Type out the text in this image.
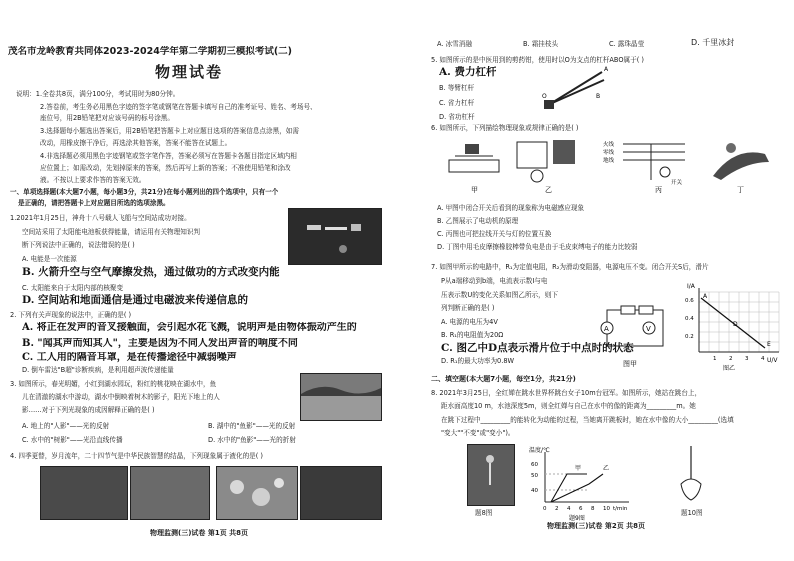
茂名市龙岭教育共同体2023-2024学年第二学期初三模拟考试(二)
物理试卷
说明：1.全卷共8页，满分100分，考试用时为80分钟。
2.答卷前，考生务必用黑色字迹的签字笔或钢笔在答题卡填写自己的准考证号、姓名、考场号、
座位号，用2B铅笔把对应该号码的标号涂黑。
3.选择题每小题选出答案后，用2B铅笔把答题卡上对应题目选项的答案信息点涂黑，如需
改动，用橡皮擦干净后，再选涂其他答案，答案不能答在试题上。
4.非选择题必须用黑色字迹钢笔或签字笔作答，答案必须写在答题卡各题目指定区域内相
应位置上；如需改动，先划掉原来的答案，然后再写上新的答案；不准使用铅笔和涂改
液。不按以上要求作答的答案无效。
一、单项选择题(本大题7小题，每小题3分，共21分)在每小题列出的四个选项中，只有一个
是正确的，请把答题卡上对应题目所选的选项涂黑。
1.2021年1月25日，神舟十八号载人飞船与空间站成功对接。
空间站采用了太阳能电池板获得能量，请运用有关物理知识判
断下列说法中正确的，说法错误的是( )
A. 电能是一次能源
B. 火箭升空与空气摩擦发热，通过做功的方式改变内能
C. 太阳能来自于太阳内部的核聚变
D. 空间站和地面通信是通过电磁波来传递信息的
2. 下列有关声现象的说法中，正确的是( )
A. 将正在发声的音叉接触面，会引起水花飞溅，说明声是由物体振动产生的
B. "闻其声而知其人"，主要是因为不同人发出声音的响度不同
C. 工人用的隔音耳罩，是在传播途径中减弱噪声
D. 倒车雷达"B超"诊断疾病，是利用超声波传递能量
3. 如图所示，春光明媚，小红到湖水园玩，粉红的桃花映在湖水中，鱼
儿在清澈的湖水中游动，湖水中倒映着树木的影子，阳光下地上的人
影……对于下列光现象的成因解释正确的是( )
A. 地上的"人影"——光的反射	B. 湖中的"鱼影"——光的反射
C. 水中的"树影"——光沿直线传播	D. 水中的"鱼影"——光的折射
4. 四季更替，岁月流年，二十四节气是中华民族智慧的结晶，下列现象属于液化的是( )
物理监测(三)试卷 第1页 共8页
A. 冰雪消融	B. 霜挂枝头	C. 露珠晶莹	D. 千里冰封
5. 如图所示的是中医用到的剪药钳，使用时以O为支点的杠杆ABO属于( )
A. 费力杠杆
B. 等臂杠杆
C. 省力杠杆
D. 省功杠杆
A
B
O
6. 如图所示，下列描绘物理现象或规律正确的是( )
甲	乙	丙	丁
火线
零线
地线
开关
A. 甲图中闭合开关后看到的现象称为电磁感应现象
B. 乙图展示了电动机的原理
C. 丙图也可把拉线开关与灯的位置互换
D. 丁图中用毛皮摩擦橡胶棒带负电是由于毛皮束缚电子的能力比较弱
7. 如图甲所示的电路中，R₁为定值电阻，R₂为滑动变阻器，电源电压不变。闭合开关S后，滑片
P从a端移动到b端，电流表示数I与电
压表示数U的变化关系如图乙所示，则下
列判断正确的是( )
A. 电源的电压为4V
B. R₁的电阻值为20Ω
C. 图乙中D点表示滑片位于中点时的状态
D. R₁的最大功率为0.8W
A	V
图甲
I/A
U/V
0.6
0.4
0.2
1 2 3 4
A
D
E
图乙
二、填空题(本大题7小题，每空1分，共21分)
8. 2021年3月25日，全红婵在跳水世界杯跳台女子10m台冠军。如图所示，她站在跳台上，
距水面高度10 m，水池深度5m，则全红婵与自己在水中的像的距离为_________m。她
在跳下过程中_________的能转化为动能的过程，当她离开跳板时，她在水中像的大小_________(选填
"变大""不变"或"变小")。
题8图
温度/℃
60
50
40
甲	乙
0 2 4 6 8 10 t/min
题9图
题10图
物理监测(三)试卷 第2页 共8页
